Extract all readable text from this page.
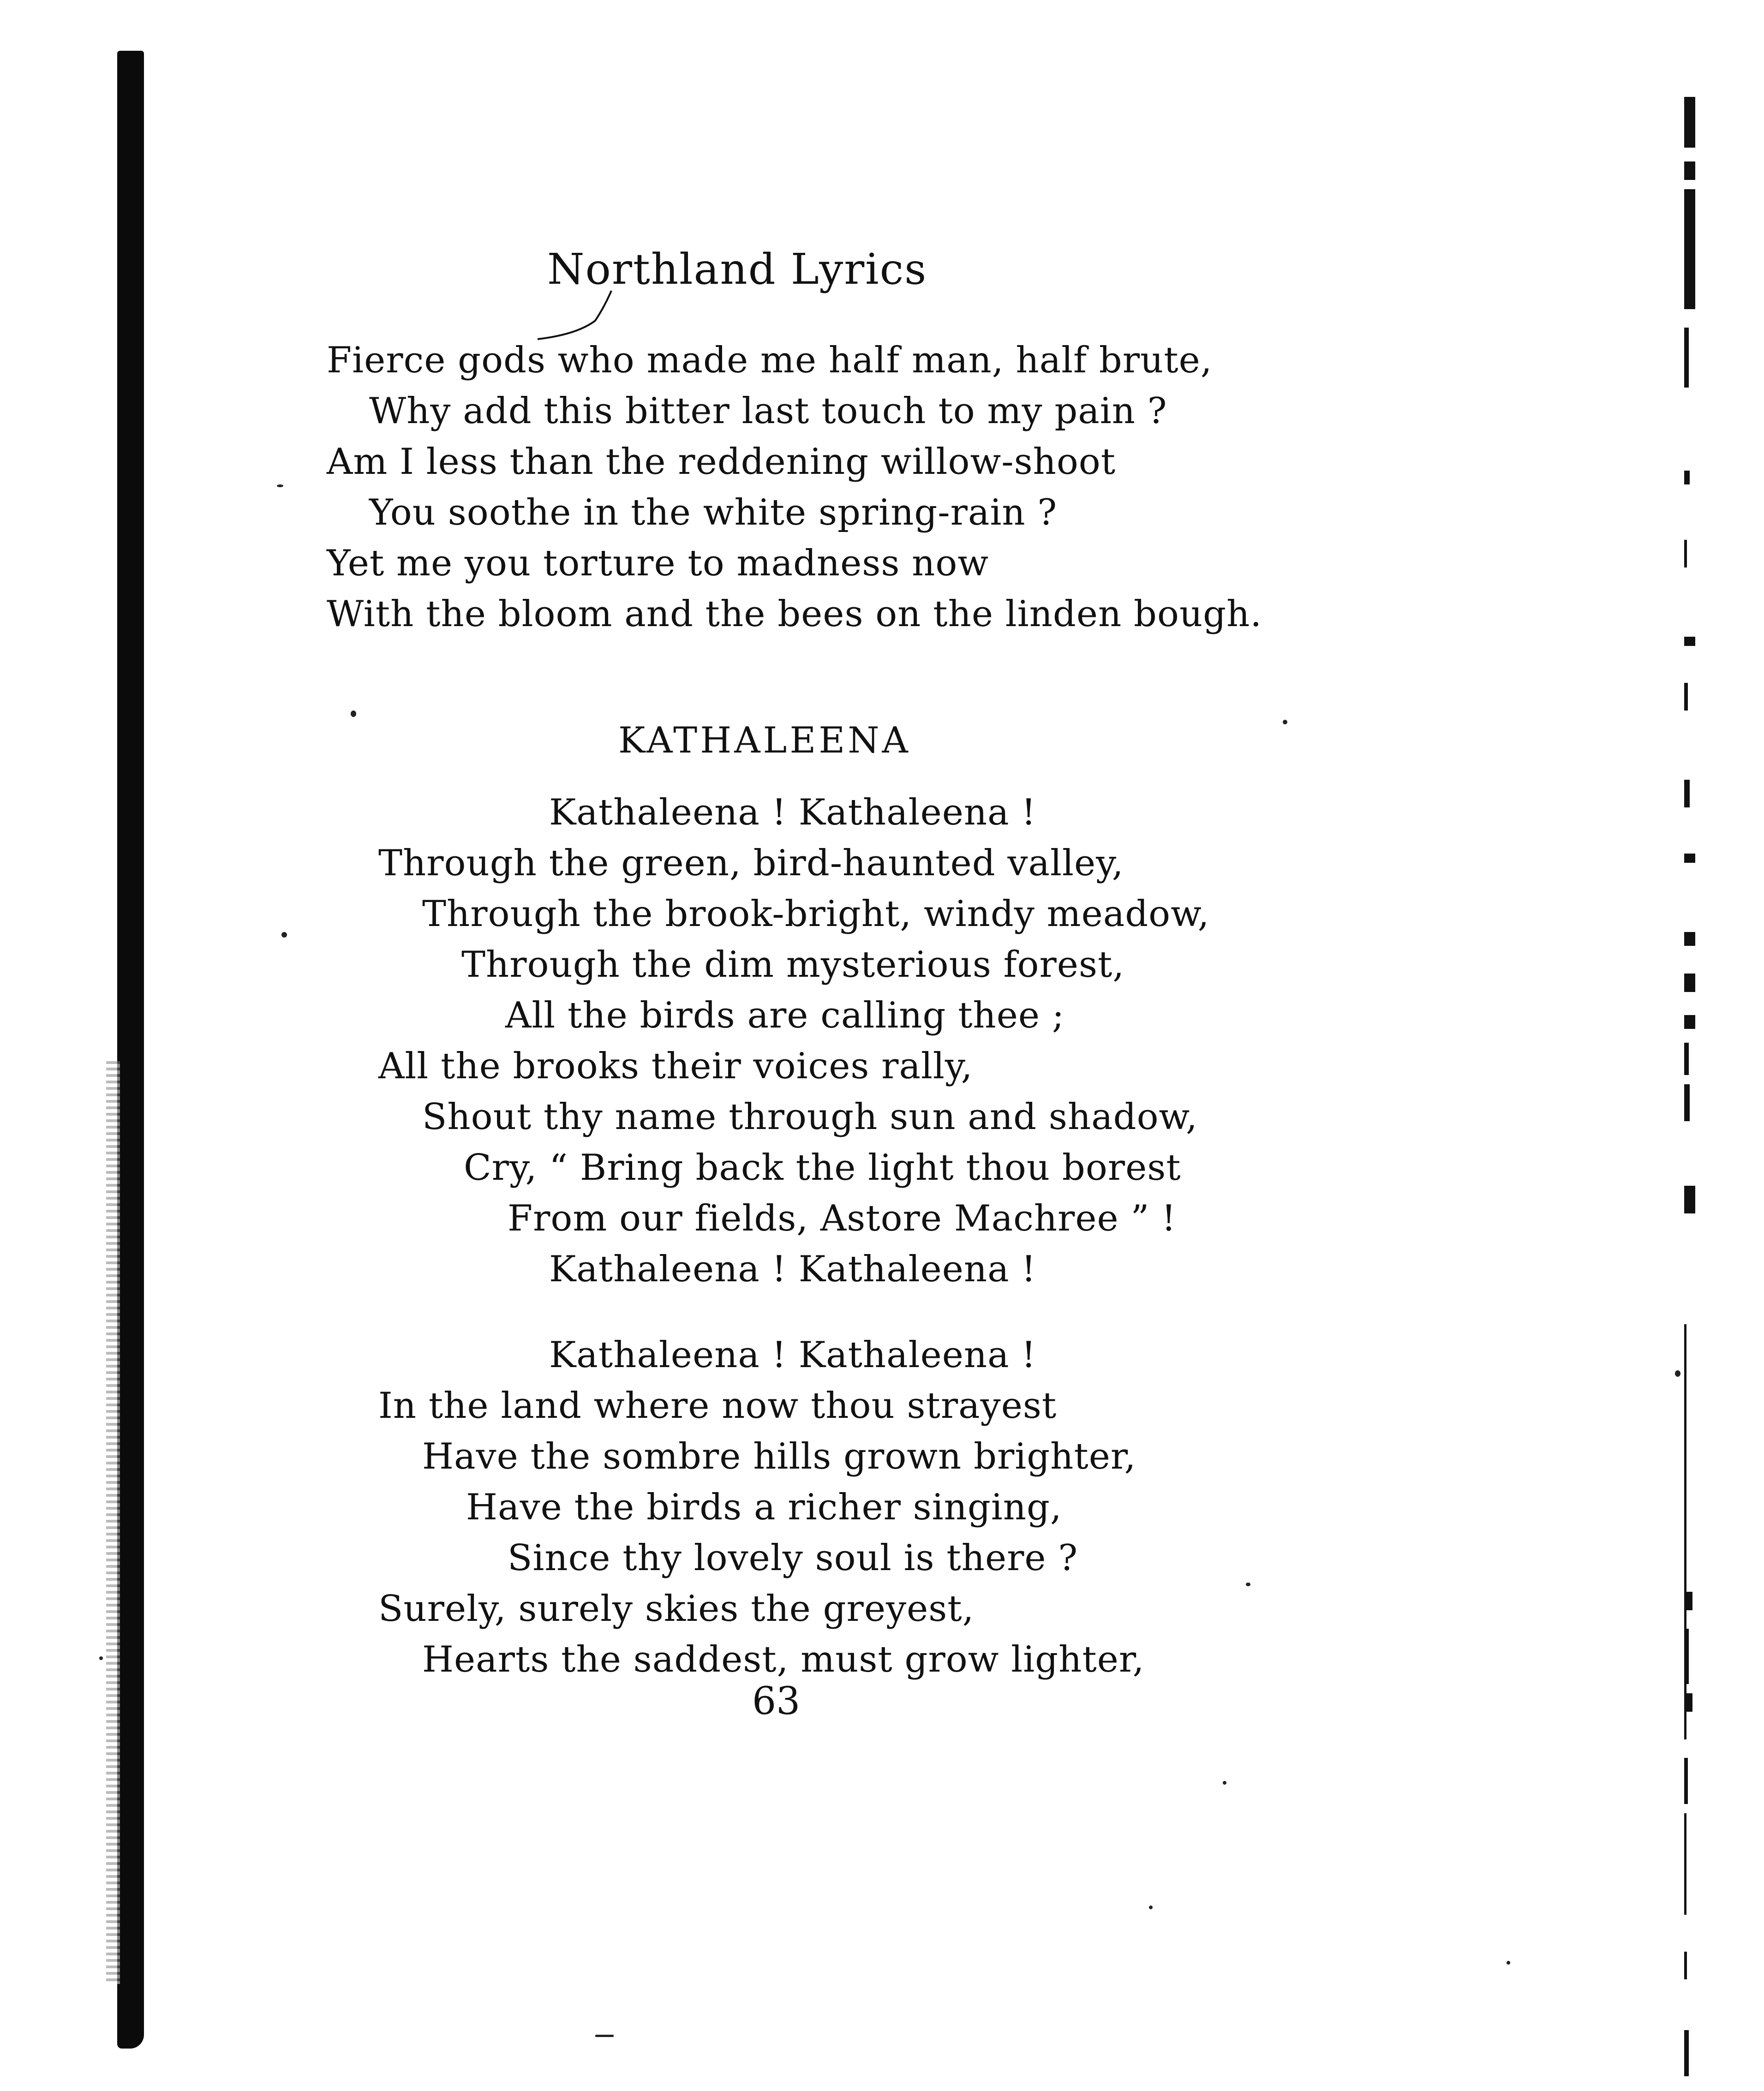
Northland Lyrics
Fierce gods who made me half man, half brute,
Why add this bitter last touch to my pain ?
Am I less than the reddening willow-shoot
You soothe in the white spring-rain ?
Yet me you torture to madness now
With the bloom and the bees on the linden bough.
KATHALEENA
Kathaleena ! Kathaleena !
Through the green, bird-haunted valley,
Through the brook-bright, windy meadow,
Through the dim mysterious forest,
All the birds are calling thee ;
All the brooks their voices rally,
Shout thy name through sun and shadow,
Cry, “ Bring back the light thou borest
From our fields, Astore Machree ” !
Kathaleena ! Kathaleena !
Kathaleena ! Kathaleena !
In the land where now thou strayest
Have the sombre hills grown brighter,
Have the birds a richer singing,
Since thy lovely soul is there ?
Surely, surely skies the greyest,
Hearts the saddest, must grow lighter,
63
